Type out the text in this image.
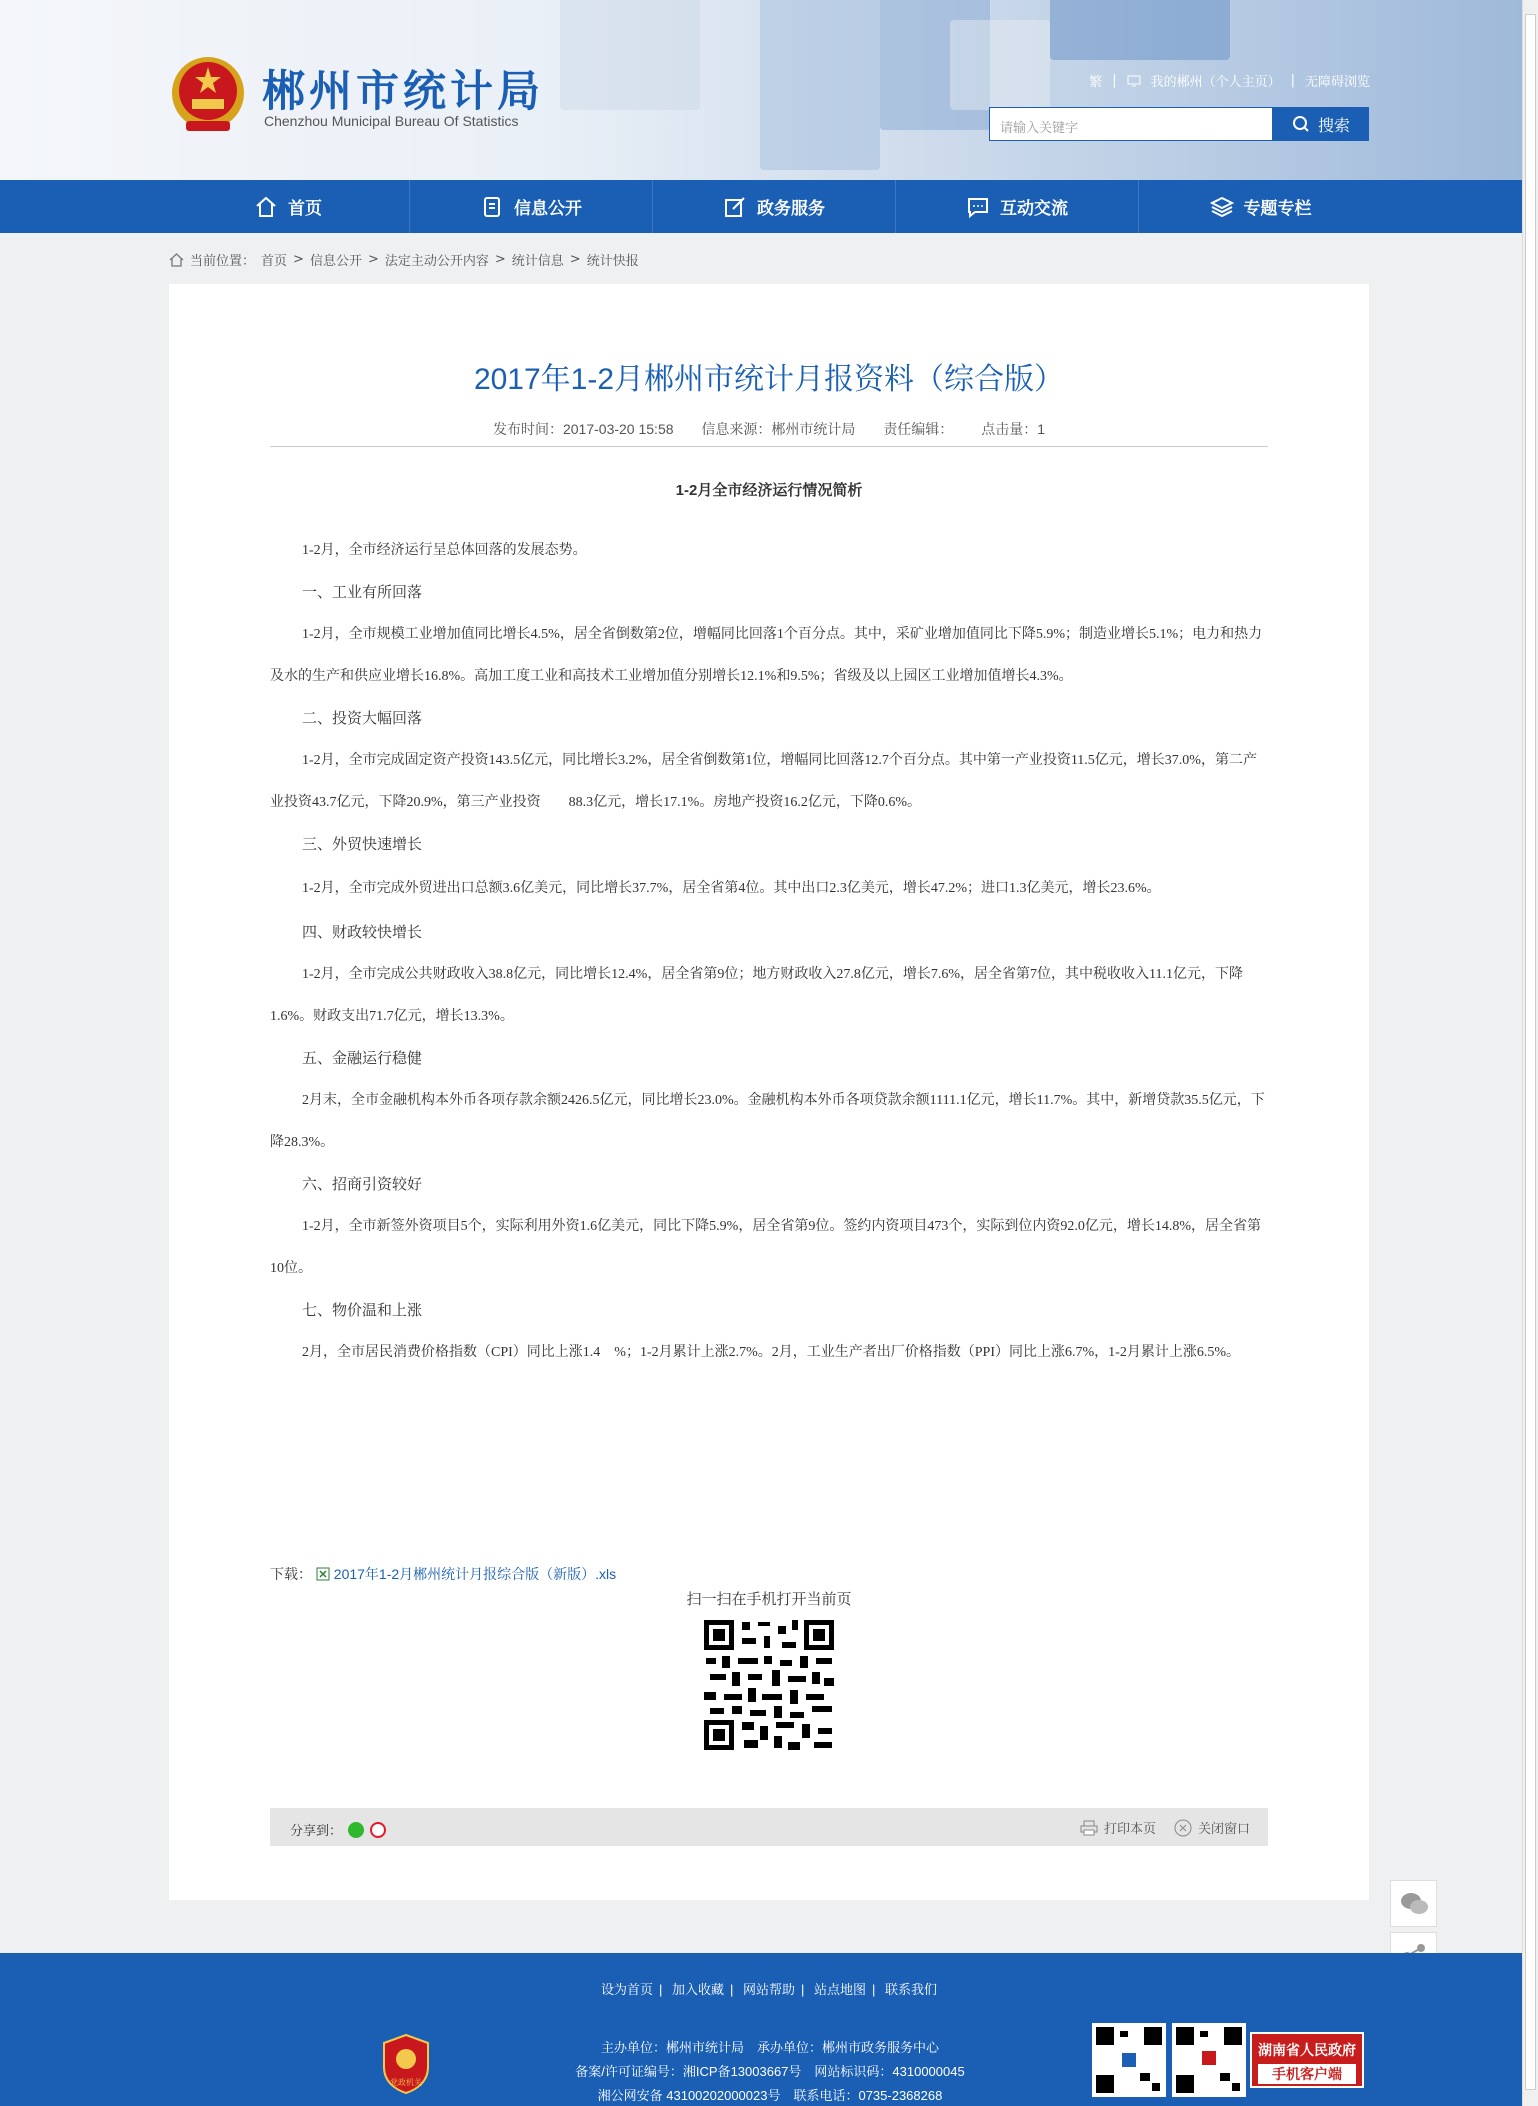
郴州市统计局
Chenzhou Municipal Bureau Of Statistics
繁 |	我的郴州（个人主页） | 无障碍浏览
请输入关键字	搜索
首页	信息公开	政务服务	互动交流	专题专栏
当前位置： 首页 > 信息公开 > 法定主动公开内容 > 统计信息 > 统计快报
2017年1-2月郴州市统计月报资料（综合版）
发布时间：2017-03-20 15:58 信息来源：郴州市统计局 责任编辑： 点击量：1
1-2月全市经济运行情况简析
1-2月，全市经济运行呈总体回落的发展态势。
一、工业有所回落
1-2月，全市规模工业增加值同比增长4.5%，居全省倒数第2位，增幅同比回落1个百分点。其中，采矿业增加值同比下降5.9%；制造业增长5.1%；电力和热力及水的生产和供应业增长16.8%。高加工度工业和高技术工业增加值分别增长12.1%和9.5%；省级及以上园区工业增加值增长4.3%。
二、投资大幅回落
1-2月，全市完成固定资产投资143.5亿元，同比增长3.2%，居全省倒数第1位，增幅同比回落12.7个百分点。其中第一产业投资11.5亿元，增长37.0%，第二产业投资43.7亿元，下降20.9%，第三产业投资　　88.3亿元，增长17.1%。房地产投资16.2亿元，下降0.6%。
三、外贸快速增长
1-2月，全市完成外贸进出口总额3.6亿美元，同比增长37.7%，居全省第4位。其中出口2.3亿美元，增长47.2%；进口1.3亿美元，增长23.6%。
四、财政较快增长
1-2月，全市完成公共财政收入38.8亿元，同比增长12.4%，居全省第9位；地方财政收入27.8亿元，增长7.6%，居全省第7位，其中税收收入11.1亿元，下降1.6%。财政支出71.7亿元，增长13.3%。
五、金融运行稳健
2月末，全市金融机构本外币各项存款余额2426.5亿元，同比增长23.0%。金融机构本外币各项贷款余额1111.1亿元，增长11.7%。其中，新增贷款35.5亿元，下降28.3%。
六、招商引资较好
1-2月，全市新签外资项目5个，实际利用外资1.6亿美元，同比下降5.9%，居全省第9位。签约内资项目473个，实际到位内资92.0亿元，增长14.8%，居全省第10位。
七、物价温和上涨
2月，全市居民消费价格指数（CPI）同比上涨1.4　%；1-2月累计上涨2.7%。2月，工业生产者出厂价格指数（PPI）同比上涨6.7%，1-2月累计上涨6.5%。
下载： 2017年1-2月郴州统计月报综合版（新版）.xls
扫一扫在手机打开当前页
分享到：	打印本页	关闭窗口
设为首页 | 加入收藏 | 网站帮助 | 站点地图 | 联系我们
党政机关
主办单位：郴州市统计局　承办单位：郴州市政务服务中心
备案/许可证编号：湘ICP备13003667号　网站标识码：4310000045
湘公网安备 43100202000023号　联系电话：0735-2368268
湖南省人民政府
手机客户端
